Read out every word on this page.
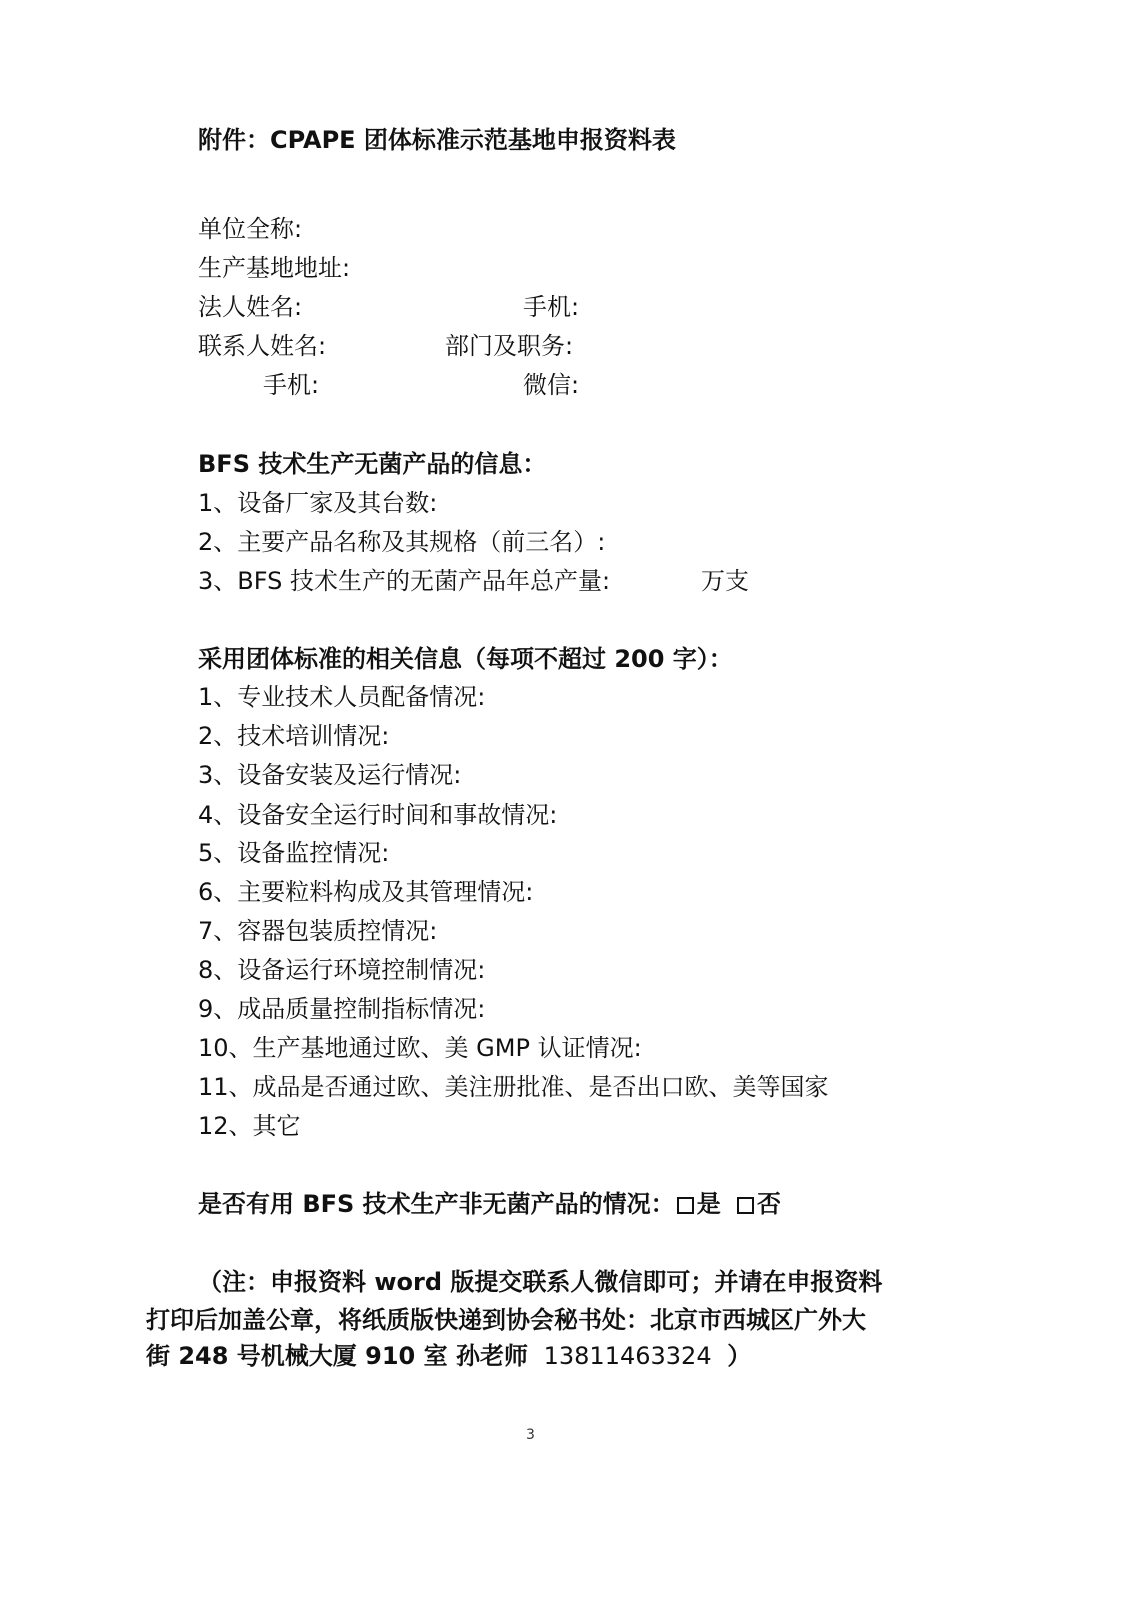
附件：CPAPE 团体标准示范基地申报资料表
单位全称:
生产基地地址:
法人姓名:	手机:
联系人姓名:	部门及职务:
手机:	微信:
BFS 技术生产无菌产品的信息：
1、设备厂家及其台数:
2、主要产品名称及其规格（前三名）:
3、BFS 技术生产的无菌产品年总产量:	万支
采用团体标准的相关信息（每项不超过 200 字）：
1、专业技术人员配备情况:
2、技术培训情况:
3、设备安装及运行情况:
4、设备安全运行时间和事故情况:
5、设备监控情况:
6、主要粒料构成及其管理情况:
7、容器包装质控情况:
8、设备运行环境控制情况:
9、成品质量控制指标情况:
10、生产基地通过欧、美 GMP 认证情况:
11、成品是否通过欧、美注册批准、是否出口欧、美等国家
12、其它
是否有用 BFS 技术生产非无菌产品的情况： 是 否
（注：申报资料 word 版提交联系人微信即可；并请在申报资料
打印后加盖公章，将纸质版快递到协会秘书处：北京市西城区广外大
街 248 号机械大厦 910 室 孙老师 13811463324 ）
3
